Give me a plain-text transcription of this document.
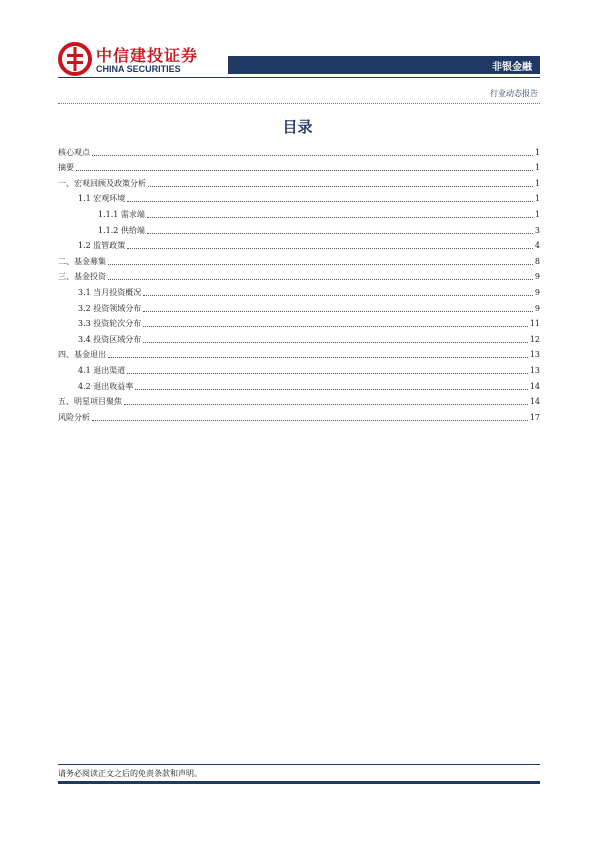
中信建投证券
CHINA SECURITIES	非银金融
行业动态报告
目录
核心观点	1
摘要	1
一、宏观回顾及政策分析	1
1.1 宏观环境	1
1.1.1 需求端	1
1.1.2 供给端	3
1.2 监管政策	4
二、基金募集	8
三、基金投资	9
3.1 当月投资概况	9
3.2 投资领域分布	9
3.3 投资轮次分布	11
3.4 投资区域分布	12
四、基金退出	13
4.1 退出渠道	13
4.2 退出收益率	14
五、明星项目聚焦	14
风险分析	17
请务必阅读正文之后的免责条款和声明。
